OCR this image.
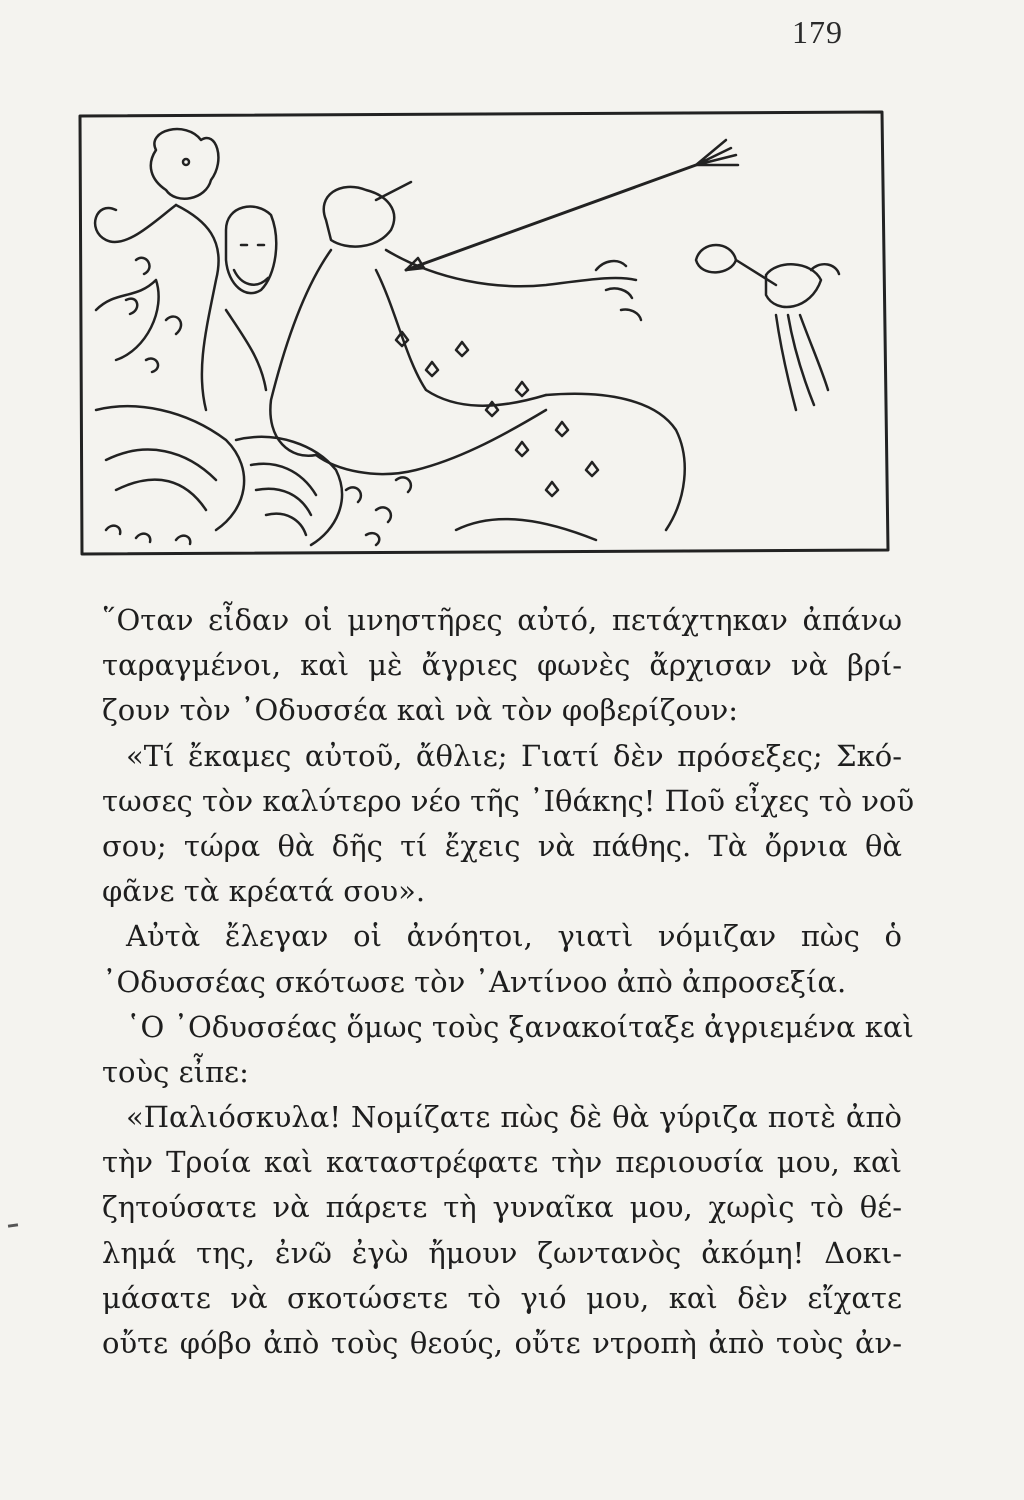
179
῞Οταν εἶδαν οἱ μνηστῆρες αὐτό, πετάχτηκαν ἀπάνω
ταραγμένοι, καὶ μὲ ἄγριες φωνὲς ἄρχισαν νὰ βρί-
ζουν τὸν ᾿Οδυσσέα καὶ νὰ τὸν φοβερίζουν:
«Τί ἔκαμες αὐτοῦ, ἄθλιε; Γιατί δὲν πρόσεξες; Σκό-
τωσες τὸν καλύτερο νέο τῆς ᾿Ιθάκης! Ποῦ εἶχες τὸ νοῦ
σου; τώρα θὰ δῆς τί ἔχεις νὰ πάθης. Τὰ ὄρνια θὰ
φᾶνε τὰ κρέατά σου».
Αὐτὰ ἔλεγαν οἱ ἀνόητοι, γιατὶ νόμιζαν πὼς ὁ
᾿Οδυσσέας σκότωσε τὸν ᾿Αντίνοο ἀπὸ ἀπροσεξία.
῾Ο ᾿Οδυσσέας ὅμως τοὺς ξανακοίταξε ἀγριεμένα καὶ
τοὺς εἶπε:
«Παλιόσκυλα! Νομίζατε πὼς δὲ θὰ γύριζα ποτὲ ἀπὸ
τὴν Τροία καὶ καταστρέφατε τὴν περιουσία μου, καὶ
ζητούσατε νὰ πάρετε τὴ γυναῖκα μου, χωρὶς τὸ θέ-
λημά της, ἐνῶ ἐγὼ ἤμουν ζωντανὸς ἀκόμη! Δοκι-
μάσατε νὰ σκοτώσετε τὸ γιό μου, καὶ δὲν εἴχατε
οὔτε φόβο ἀπὸ τοὺς θεούς, οὔτε ντροπὴ ἀπὸ τοὺς ἀν-
